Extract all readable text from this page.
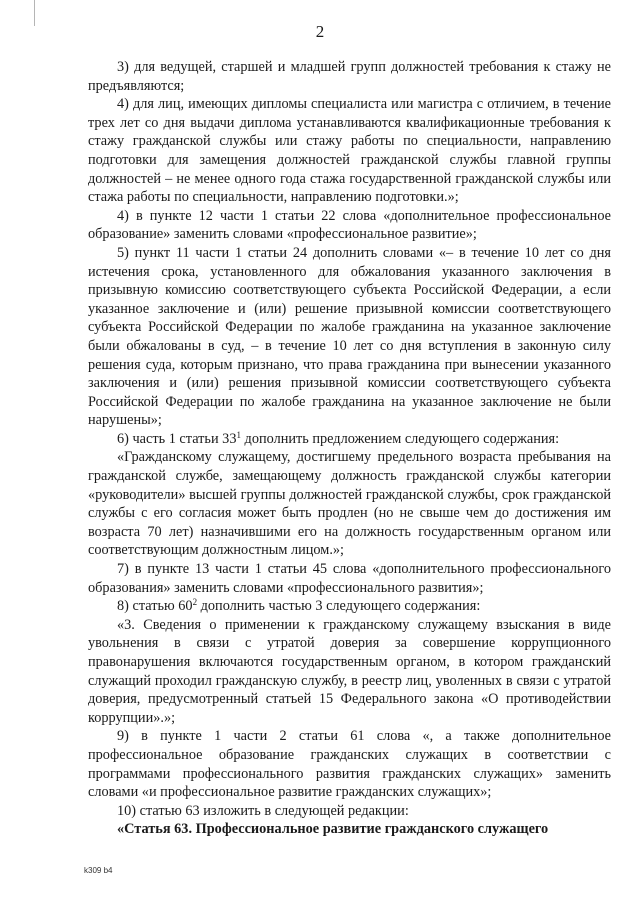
2

3) для ведущей, старшей и младшей групп должностей требования к стажу не предъявляются;

4) для лиц, имеющих дипломы специалиста или магистра с отличием, в течение трех лет со дня выдачи диплома устанавливаются квалификационные требования к стажу гражданской службы или стажу работы по специальности, направлению подготовки для замещения должностей гражданской службы главной группы должностей – не менее одного года стажа государственной гражданской службы или стажа работы по специальности, направлению подготовки.»;

4) в пункте 12 части 1 статьи 22 слова «дополнительное профессиональное образование» заменить словами «профессиональное развитие»;

5) пункт 11 части 1 статьи 24 дополнить словами «– в течение 10 лет со дня истечения срока, установленного для обжалования указанного заключения в призывную комиссию соответствующего субъекта Российской Федерации, а если указанное заключение и (или) решение призывной комиссии соответствующего субъекта Российской Федерации по жалобе гражданина на указанное заключение были обжалованы в суд, – в течение 10 лет со дня вступления в законную силу решения суда, которым признано, что права гражданина при вынесении указанного заключения и (или) решения призывной комиссии соответствующего субъекта Российской Федерации по жалобе гражданина на указанное заключение не были нарушены»;

6) часть 1 статьи $33^1$ дополнить предложением следующего содержания:

«Гражданскому служащему, достигшему предельного возраста пребывания на гражданской службе, замещающему должность гражданской службы категории «руководители» высшей группы должностей гражданской службы, срок гражданской службы с его согласия может быть продлен (но не свыше чем до достижения им возраста 70 лет) назначившими его на должность государственным органом или соответствующим должностным лицом.»;

7) в пункте 13 части 1 статьи 45 слова «дополнительного профессионального образования» заменить словами «профессионального развития»;

8) статью $60^2$ дополнить частью 3 следующего содержания:

«3. Сведения о применении к гражданскому служащему взыскания в виде увольнения в связи с утратой доверия за совершение коррупционного правонарушения включаются государственным органом, в котором гражданский служащий проходил гражданскую службу, в реестр лиц, уволенных в связи с утратой доверия, предусмотренный статьей 15 Федерального закона «О противодействии коррупции».»;

9) в пункте 1 части 2 статьи 61 слова «, а также дополнительное профессиональное образование гражданских служащих в соответствии с программами профессионального развития гражданских служащих» заменить словами «и профессиональное развитие гражданских служащих»;

10) статью 63 изложить в следующей редакции:

«Статья 63. Профессиональное развитие гражданского служащего

k309 b4
